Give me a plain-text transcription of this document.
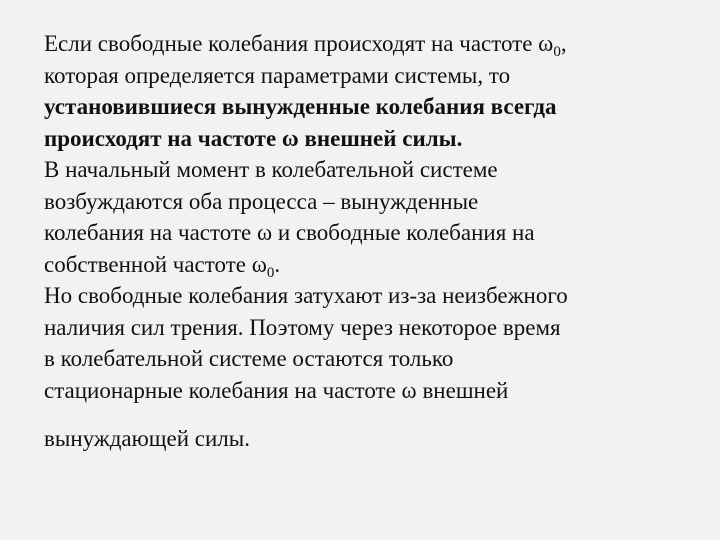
Если свободные колебания происходят на частоте $\omega_0$,
которая определяется параметрами системы, то
установившиеся вынужденные колебания всегда
происходят на частоте ω внешней силы.
В начальный момент в колебательной системе
возбуждаются оба процесса – вынужденные
колебания на частоте ω и свободные колебания на
собственной частоте $\omega_0$.
Но свободные колебания затухают из-за неизбежного
наличия сил трения. Поэтому через некоторое время
в колебательной системе остаются только
стационарные колебания на частоте ω внешней
вынуждающей силы.
